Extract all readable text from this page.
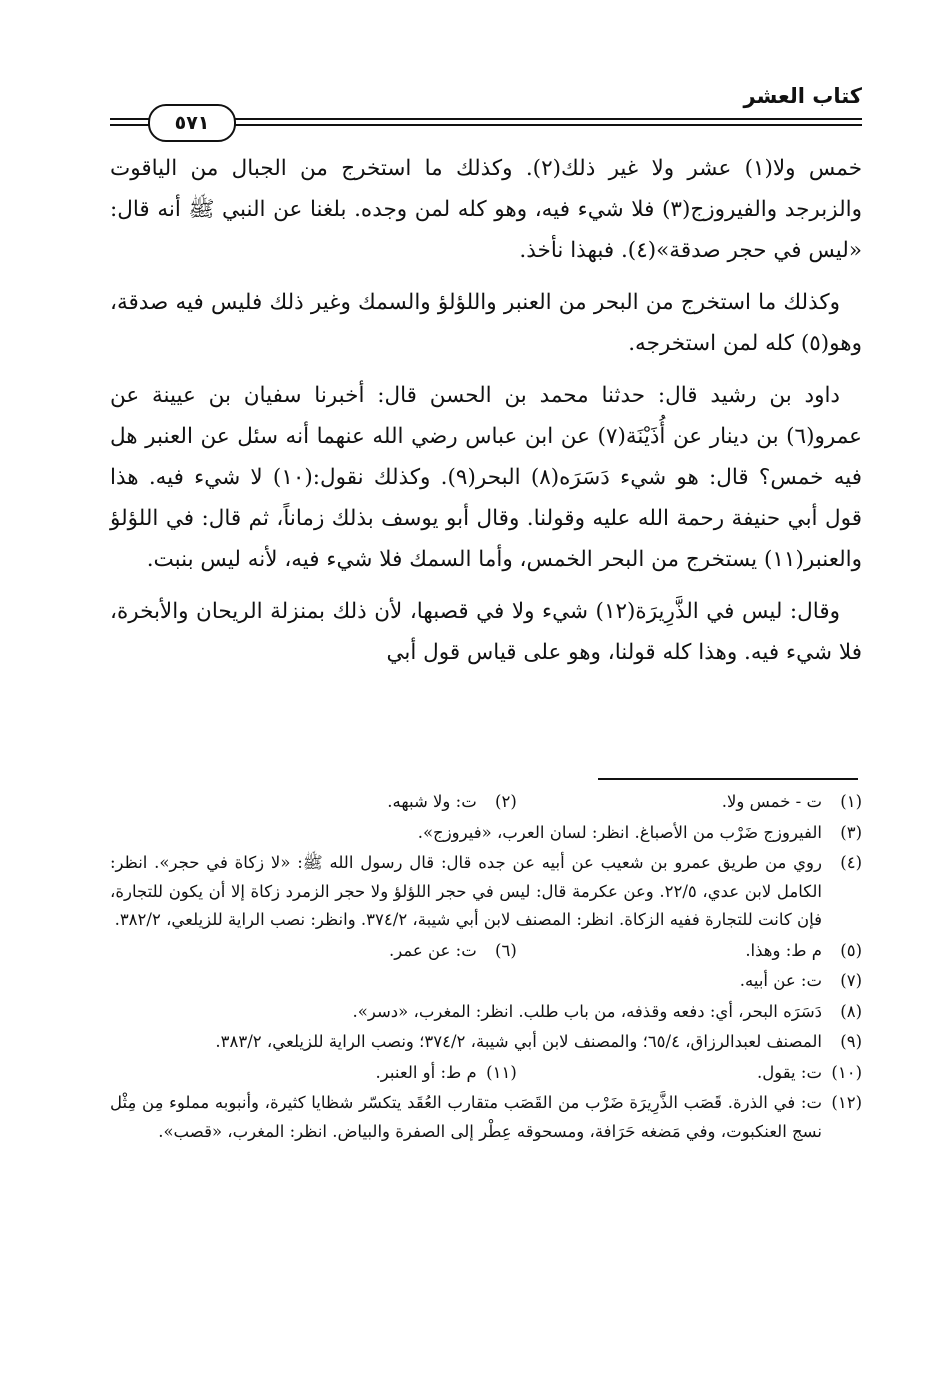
كتاب العشر
٥٧١

خمس ولا(١) عشر ولا غير ذلك(٢). وكذلك ما استخرج من الجبال من الياقوت والزبرجد والفيروزج(٣) فلا شيء فيه، وهو كله لمن وجده. بلغنا عن النبي ﷺ أنه قال: «ليس في حجر صدقة»(٤). فبهذا نأخذ.

وكذلك ما استخرج من البحر من العنبر واللؤلؤ والسمك وغير ذلك فليس فيه صدقة، وهو(٥) كله لمن استخرجه.

داود بن رشيد قال: حدثنا محمد بن الحسن قال: أخبرنا سفيان بن عيينة عن عمرو(٦) بن دينار عن أُذَيْنَة(٧) عن ابن عباس رضي الله عنهما أنه سئل عن العنبر هل فيه خمس؟ قال: هو شيء دَسَرَه(٨) البحر(٩). وكذلك نقول:(١٠) لا شيء فيه. هذا قول أبي حنيفة رحمة الله عليه وقولنا. وقال أبو يوسف بذلك زماناً، ثم قال: في اللؤلؤ والعنبر(١١) يستخرج من البحر الخمس، وأما السمك فلا شيء فيه، لأنه ليس بنبت.

وقال: ليس في الذَّرِيرَة(١٢) شيء ولا في قصبها، لأن ذلك بمنزلة الريحان والأبخرة، فلا شيء فيه. وهذا كله قولنا، وهو على قياس قول أبي

(١)
ت - خمس ولا.
(٢)
ت: ولا شبهه.
(٣)
الفيروزج ضَرْب من الأصباغ. انظر: لسان العرب، «فيروزج».
(٤)
روي من طريق عمرو بن شعيب عن أبيه عن جده قال: قال رسول الله ﷺ: «لا زكاة في حجر». انظر: الكامل لابن عدي، ٢٢/٥. وعن عكرمة قال: ليس في حجر اللؤلؤ ولا حجر الزمرد زكاة إلا أن يكون للتجارة، فإن كانت للتجارة ففيه الزكاة. انظر: المصنف لابن أبي شيبة، ٣٧٤/٢. وانظر: نصب الراية للزيلعي، ٣٨٢/٢.
(٥)
م ط: وهذا.
(٦)
ت: عن عمر.
(٧)
ت: عن أبيه.
(٨)
دَسَرَه البحر، أي: دفعه وقذفه، من باب طلب. انظر: المغرب، «دسر».
(٩)
المصنف لعبدالرزاق، ٦٥/٤؛ والمصنف لابن أبي شيبة، ٣٧٤/٢؛ ونصب الراية للزيلعي، ٣٨٣/٢.
(١٠)
ت: يقول.
(١١)
م ط: أو العنبر.
(١٢)
ت: في الذرة. قَصَب الذَّرِيرَة ضَرْب من القَصَب متقارب العُقَد يتكسّر شظايا كثيرة، وأنبوبه مملوء مِن مِثْل نسج العنكبوت، وفي مَضغه حَرَافة، ومسحوقه عِطْر إلى الصفرة والبياض. انظر: المغرب، «قصب».
